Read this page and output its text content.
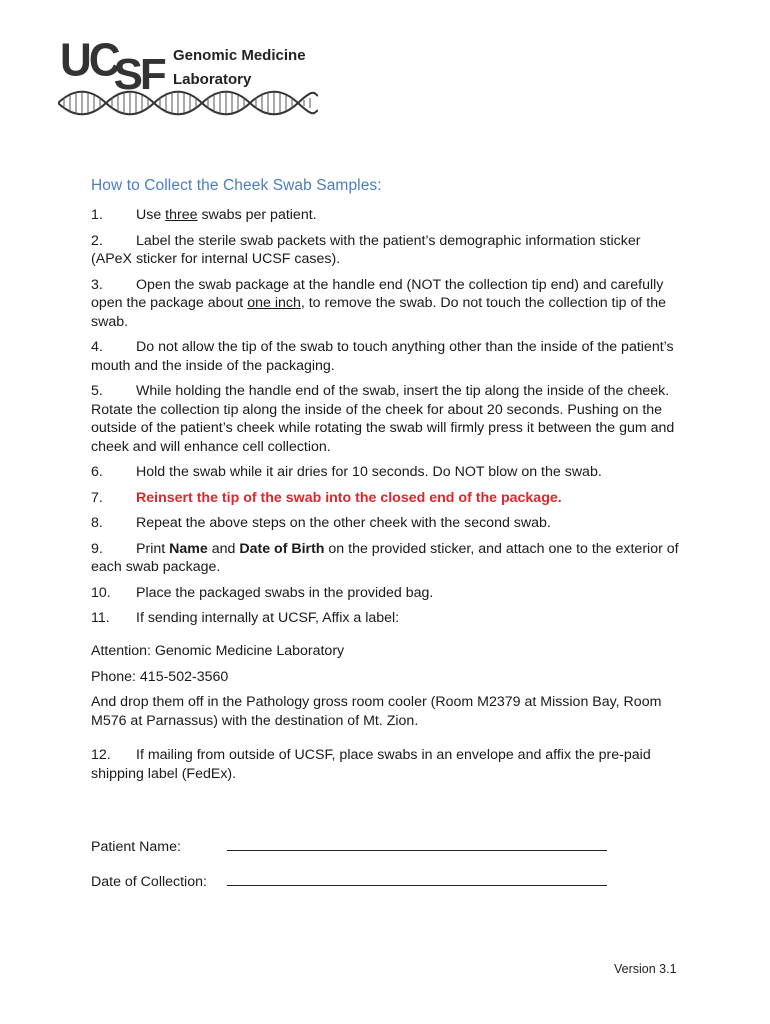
UCSF Genomic Medicine
Laboratory
How to Collect the Cheek Swab Samples:
1. Use three swabs per patient.
2. Label the sterile swab packets with the patient’s demographic information sticker (APeX sticker for internal UCSF cases).
3. Open the swab package at the handle end (NOT the collection tip end) and carefully open the package about one inch, to remove the swab. Do not touch the collection tip of the swab.
4. Do not allow the tip of the swab to touch anything other than the inside of the patient’s mouth and the inside of the packaging.
5. While holding the handle end of the swab, insert the tip along the inside of the cheek. Rotate the collection tip along the inside of the cheek for about 20 seconds. Pushing on the outside of the patient’s cheek while rotating the swab will firmly press it between the gum and cheek and will enhance cell collection.
6. Hold the swab while it air dries for 10 seconds. Do NOT blow on the swab.
7. Reinsert the tip of the swab into the closed end of the package.
8. Repeat the above steps on the other cheek with the second swab.
9. Print Name and Date of Birth on the provided sticker, and attach one to the exterior of each swab package.
10. Place the packaged swabs in the provided bag.
11. If sending internally at UCSF, Affix a label:

Attention: Genomic Medicine Laboratory

Phone: 415-502-3560

And drop them off in the Pathology gross room cooler (Room M2379 at Mission Bay, Room M576 at Parnassus) with the destination of Mt. Zion.

12. If mailing from outside of UCSF, place swabs in an envelope and affix the pre-paid shipping label (FedEx).
Patient Name:
Date of Collection:
Version 3.1
